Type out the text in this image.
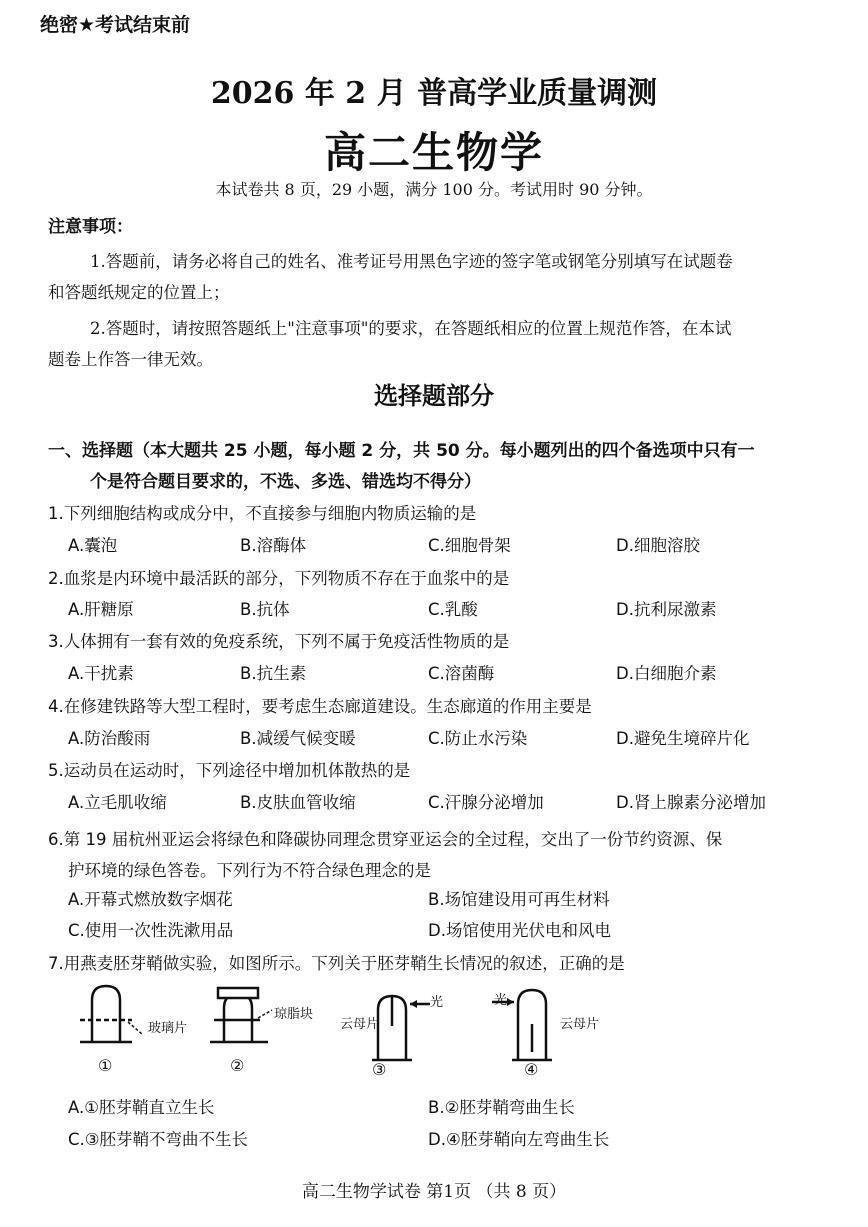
绝密★考试结束前
2026 年 2 月 普高学业质量调测
高二生物学
本试卷共 8 页，29 小题，满分 100 分。考试用时 90 分钟。
注意事项：
1.答题前，请务必将自己的姓名、准考证号用黑色字迹的签字笔或钢笔分别填写在试题卷
和答题纸规定的位置上；
2.答题时，请按照答题纸上"注意事项"的要求，在答题纸相应的位置上规范作答，在本试
题卷上作答一律无效。
选择题部分
一、选择题（本大题共 25 小题，每小题 2 分，共 50 分。每小题列出的四个备选项中只有一
个是符合题目要求的，不选、多选、错选均不得分）
1.下列细胞结构或成分中，不直接参与细胞内物质运输的是
A.囊泡	B.溶酶体	C.细胞骨架	D.细胞溶胶
2.血浆是内环境中最活跃的部分，下列物质不存在于血浆中的是
A.肝糖原	B.抗体	C.乳酸	D.抗利尿激素
3.人体拥有一套有效的免疫系统，下列不属于免疫活性物质的是
A.干扰素	B.抗生素	C.溶菌酶	D.白细胞介素
4.在修建铁路等大型工程时，要考虑生态廊道建设。生态廊道的作用主要是
A.防治酸雨	B.减缓气候变暖	C.防止水污染	D.避免生境碎片化
5.运动员在运动时，下列途径中增加机体散热的是
A.立毛肌收缩	B.皮肤血管收缩	C.汗腺分泌增加	D.肾上腺素分泌增加
6.第 19 届杭州亚运会将绿色和降碳协同理念贯穿亚运会的全过程，交出了一份节约资源、保
护环境的绿色答卷。下列行为不符合绿色理念的是
A.开幕式燃放数字烟花	B.场馆建设用可再生材料
C.使用一次性洗漱用品	D.场馆使用光伏电和风电
7.用燕麦胚芽鞘做实验，如图所示。下列关于胚芽鞘生长情况的叙述，正确的是
玻璃片
琼脂块
云母片
光	光
云母片
①	②	③	④
A.①胚芽鞘直立生长	B.②胚芽鞘弯曲生长
C.③胚芽鞘不弯曲不生长	D.④胚芽鞘向左弯曲生长
高二生物学试卷 第1页 （共 8 页）
